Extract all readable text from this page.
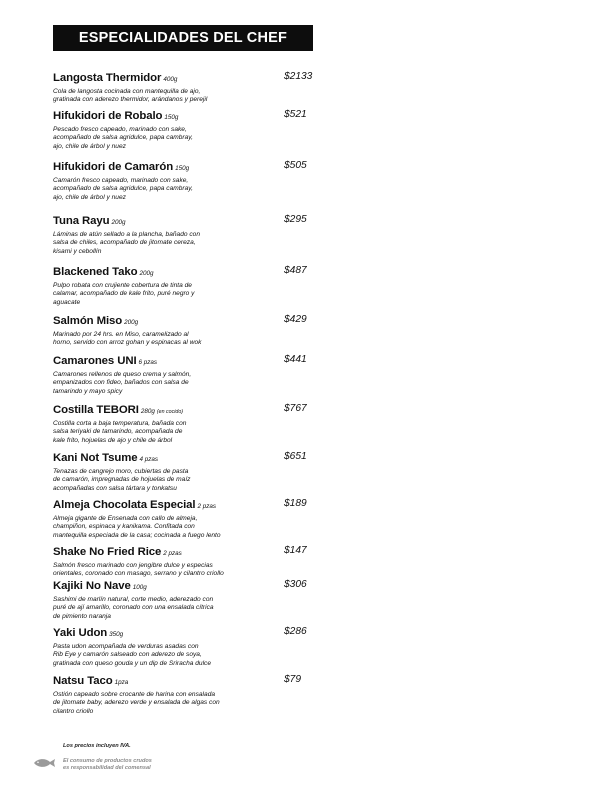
ESPECIALIDADES DEL CHEF
Langosta Thermidor 400g
Cola de langosta cocinada con mantequilla de ajo,
gratinada con aderezo thermidor, arándanos y perejil
$2133
Hifukidori de Robalo 150g
Pescado fresco capeado, marinado con sake,
acompañado de salsa agridulce, papa cambray,
ajo, chile de árbol y nuez
$521
Hifukidori de Camarón 150g
Camarón fresco capeado, marinado con sake,
acompañado de salsa agridulce, papa cambray,
ajo, chile de árbol y nuez
$505
Tuna Rayu 200g
Láminas de atún sellado a la plancha, bañado con
salsa de chiles, acompañado de jitomate cereza,
kisami y cebollín
$295
Blackened Tako 200g
Pulpo robata con crujiente cobertura de tinta de
calamar, acompañado de kale frito, puré negro y
aguacate
$487
Salmón Miso 200g
Marinado por 24 hrs. en Miso, caramelizado al
horno, servido con arroz gohan y espinacas al wok
$429
Camarones UNI 6 pzas
Camarones rellenos de queso crema y salmón,
empanizados con fideo, bañados con salsa de
tamarindo y mayo spicy
$441
Costilla TEBORI 280g (en cocido)
Costilla corta a baja temperatura, bañada con
salsa teriyaki de tamarindo, acompañada de
kale frito, hojuelas de ajo y chile de árbol
$767
Kani Not Tsume 4 pzas
Tenazas de cangrejo moro, cubiertas de pasta
de camarón, impregnadas de hojuelas de maíz
acompañadas con salsa tártara y tonkatsu
$651
Almeja Chocolata Especial 2 pzas
Almeja gigante de Ensenada con callo de almeja,
champiñon, espinaca y kanikama. Confitada con
mantequilla especiada de la casa; cocinada a fuego lento
$189
Shake No Fried Rice 2 pzas
Salmón fresco marinado con jengibre dulce y especias
orientales, coronado con masago, serrano y cilantro criollo
$147
Kajiki No Nave 100g
Sashimi de marlín natural, corte medio, aderezado con
puré de ají amarillo, coronado con una ensalada cítrica
de pimiento naranja
$306
Yaki Udon 350g
Pasta udon acompañada de verduras asadas con
Rib Eye y camarón salseado con aderezo de soya,
gratinada con queso gouda y un dip de Sriracha dulce
$286
Natsu Taco 1pza
Ostión capeado sobre crocante de harina con ensalada
de jitomate baby, aderezo verde y ensalada de algas con
cilantro criollo
$79
Los precios incluyen IVA.
El consumo de productos crudos
es responsabilidad del comensal
